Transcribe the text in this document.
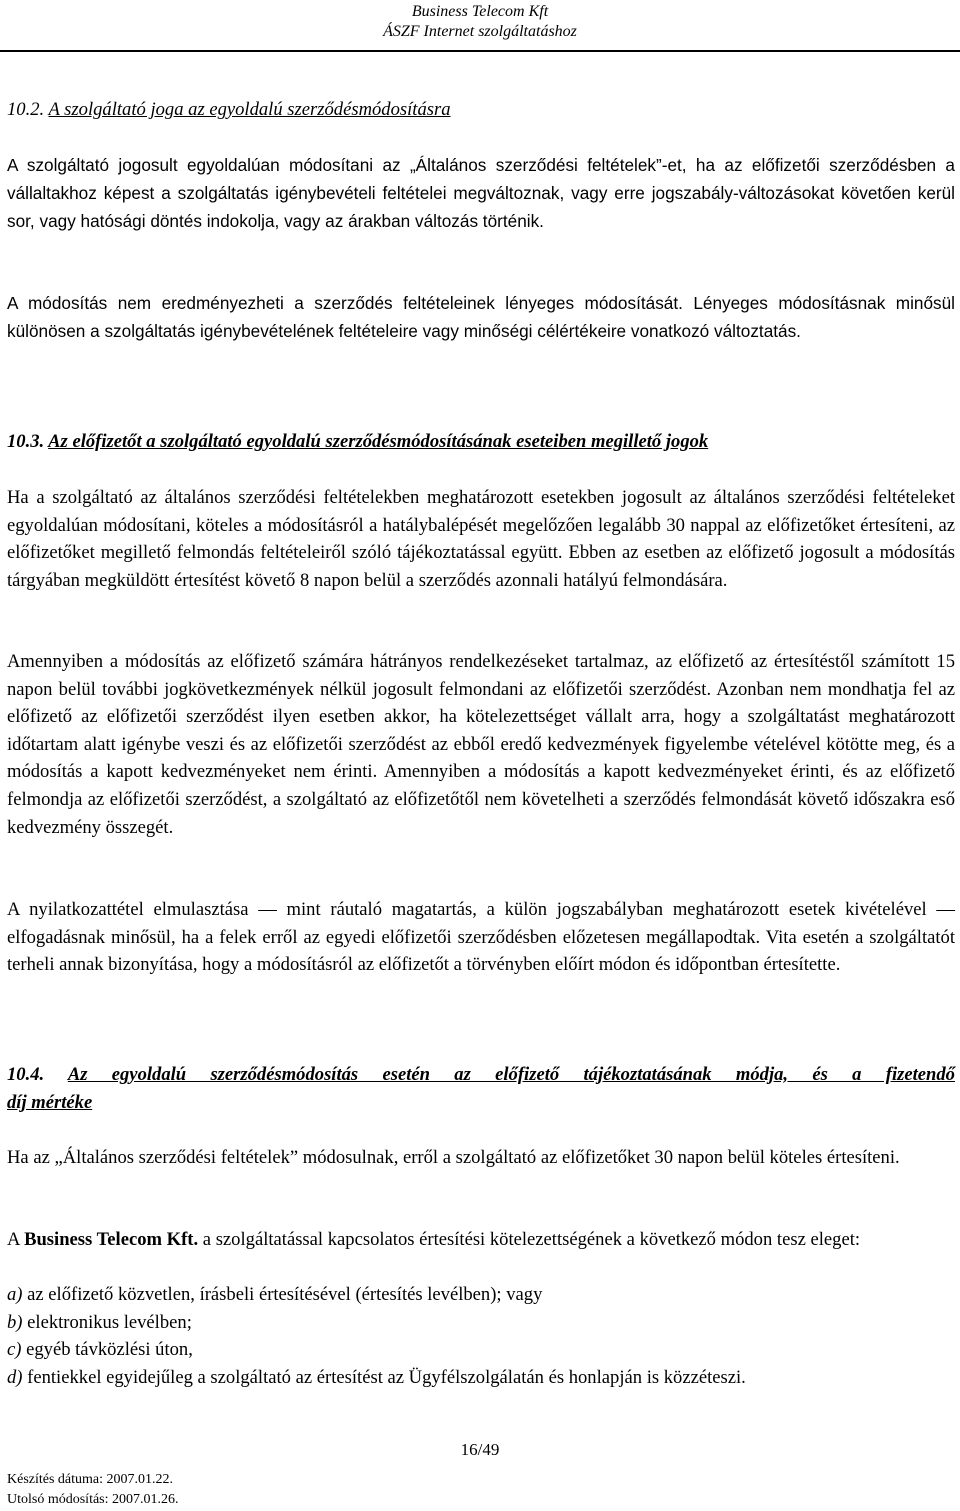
Business Telecom Kft
ÁSZF Internet szolgáltatáshoz
10.2. A szolgáltató joga az egyoldalú szerződésmódosításra
A szolgáltató jogosult egyoldalúan módosítani az „Általános szerződési feltételek”-et, ha az előfizetői szerződésben a vállaltakhoz képest a szolgáltatás igénybevételi feltételei megváltoznak, vagy erre jogszabály-változásokat követően kerül sor, vagy hatósági döntés indokolja, vagy az árakban változás történik.
A módosítás nem eredményezheti a szerződés feltételeinek lényeges módosítását. Lényeges módosításnak minősül különösen a szolgáltatás igénybevételének feltételeire vagy minőségi célértékeire vonatkozó változtatás.
10.3. Az előfizetőt a szolgáltató egyoldalú szerződésmódosításának eseteiben megillető jogok
Ha a szolgáltató az általános szerződési feltételekben meghatározott esetekben jogosult az általános szerződési feltételeket egyoldalúan módosítani, köteles a módosításról a hatálybalépését megelőzően legalább 30 nappal az előfizetőket értesíteni, az előfizetőket megillető felmondás feltételeiről szóló tájékoztatással együtt. Ebben az esetben az előfizető jogosult a módosítás tárgyában megküldött értesítést követő 8 napon belül a szerződés azonnali hatályú felmondására.
Amennyiben a módosítás az előfizető számára hátrányos rendelkezéseket tartalmaz, az előfizető az értesítéstől számított 15 napon belül további jogkövetkezmények nélkül jogosult felmondani az előfizetői szerződést. Azonban nem mondhatja fel az előfizető az előfizetői szerződést ilyen esetben akkor, ha kötelezettséget vállalt arra, hogy a szolgáltatást meghatározott időtartam alatt igénybe veszi és az előfizetői szerződést az ebből eredő kedvezmények figyelembe vételével kötötte meg, és a módosítás a kapott kedvezményeket nem érinti. Amennyiben a módosítás a kapott kedvezményeket érinti, és az előfizető felmondja az előfizetői szerződést, a szolgáltató az előfizetőtől nem követelheti a szerződés felmondását követő időszakra eső kedvezmény összegét.
A nyilatkozattétel elmulasztása ― mint ráutaló magatartás, a külön jogszabályban meghatározott esetek kivételével ― elfogadásnak minősül, ha a felek erről az egyedi előfizetői szerződésben előzetesen megállapodtak. Vita esetén a szolgáltatót terheli annak bizonyítása, hogy a módosításról az előfizetőt a törvényben előírt módon és időpontban értesítette.
10.4. Az egyoldalú szerződésmódosítás esetén az előfizető tájékoztatásának módja, és a fizetendő
díj mértéke
Ha az „Általános szerződési feltételek” módosulnak, erről a szolgáltató az előfizetőket 30 napon belül köteles értesíteni.
A Business Telecom Kft. a szolgáltatással kapcsolatos értesítési kötelezettségének a következő módon tesz eleget:
a) az előfizető közvetlen, írásbeli értesítésével (értesítés levélben); vagy
b) elektronikus levélben;
c) egyéb távközlési úton,
d) fentiekkel egyidejűleg a szolgáltató az értesítést az Ügyfélszolgálatán és honlapján is közzéteszi.
16/49
Készítés dátuma: 2007.01.22.
Utolsó módosítás: 2007.01.26.
